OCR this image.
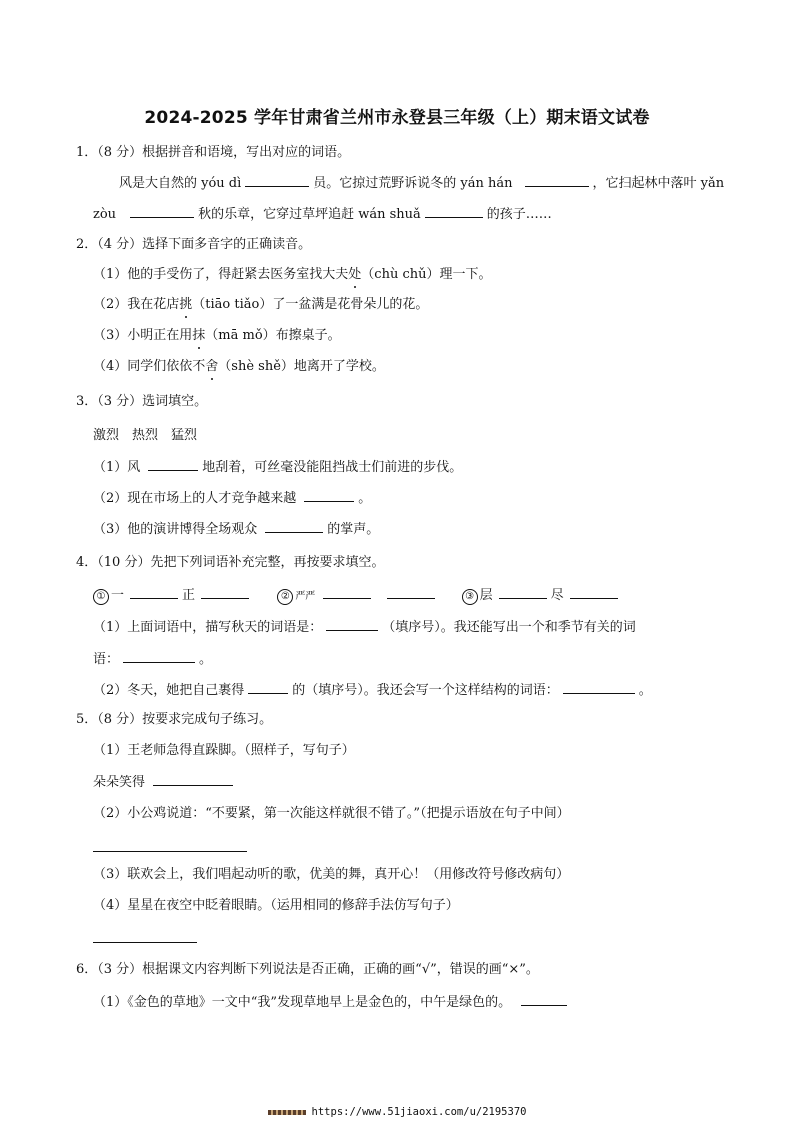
2024-2025 学年甘肃省兰州市永登县三年级（上）期末语文试卷
1．（8 分）根据拼音和语境，写出对应的词语。
风是大自然的 yóu dì	员。它掠过荒野诉说冬的 yán hán	，它扫起林中落叶 yǎn
zòu	秋的乐章，它穿过草坪追赶 wán shuǎ	的孩子……
2．（4 分）选择下面多音字的正确读音。
（1）他的手受伤了，得赶紧去医务室找大夫处（chù chǔ）理一下。
（2）我在花店挑（tiāo tiǎo）了一盆满是花骨朵儿的花。
（3）小明正在用抹（mā mǒ）布擦桌子。
（4）同学们依依不舍（shè shě）地离开了学校。
3．（3 分）选词填空。
激烈　热烈　猛烈
（1）风	地刮着，可丝毫没能阻挡战士们前进的步伐。
（2）现在市场上的人才竞争越来越	。
（3）他的演讲博得全场观众	的掌声。
4．（10 分）先把下列词语补充完整，再按要求填空。
① 一	正	② 严严	③ 层	尽
（1）上面词语中，描写秋天的词语是：	（填序号）。我还能写出一个和季节有关的词
语：	。
（2）冬天，她把自己裹得	的（填序号）。我还会写一个这样结构的词语：	。
5．（8 分）按要求完成句子练习。
（1）王老师急得直跺脚。（照样子，写句子）
朵朵笑得
（2）小公鸡说道：“不要紧，第一次能这样就很不错了。”（把提示语放在句子中间）
（3）联欢会上，我们唱起动听的歌，优美的舞，真开心！（用修改符号修改病句）
（4）星星在夜空中眨着眼睛。（运用相同的修辞手法仿写句子）
6．（3 分）根据课文内容判断下列说法是否正确，正确的画“√”，错误的画“×”。
（1）《金色的草地》一文中“我”发现草地早上是金色的，中午是绿色的。
https://www.51jiaoxi.com/u/2195370
